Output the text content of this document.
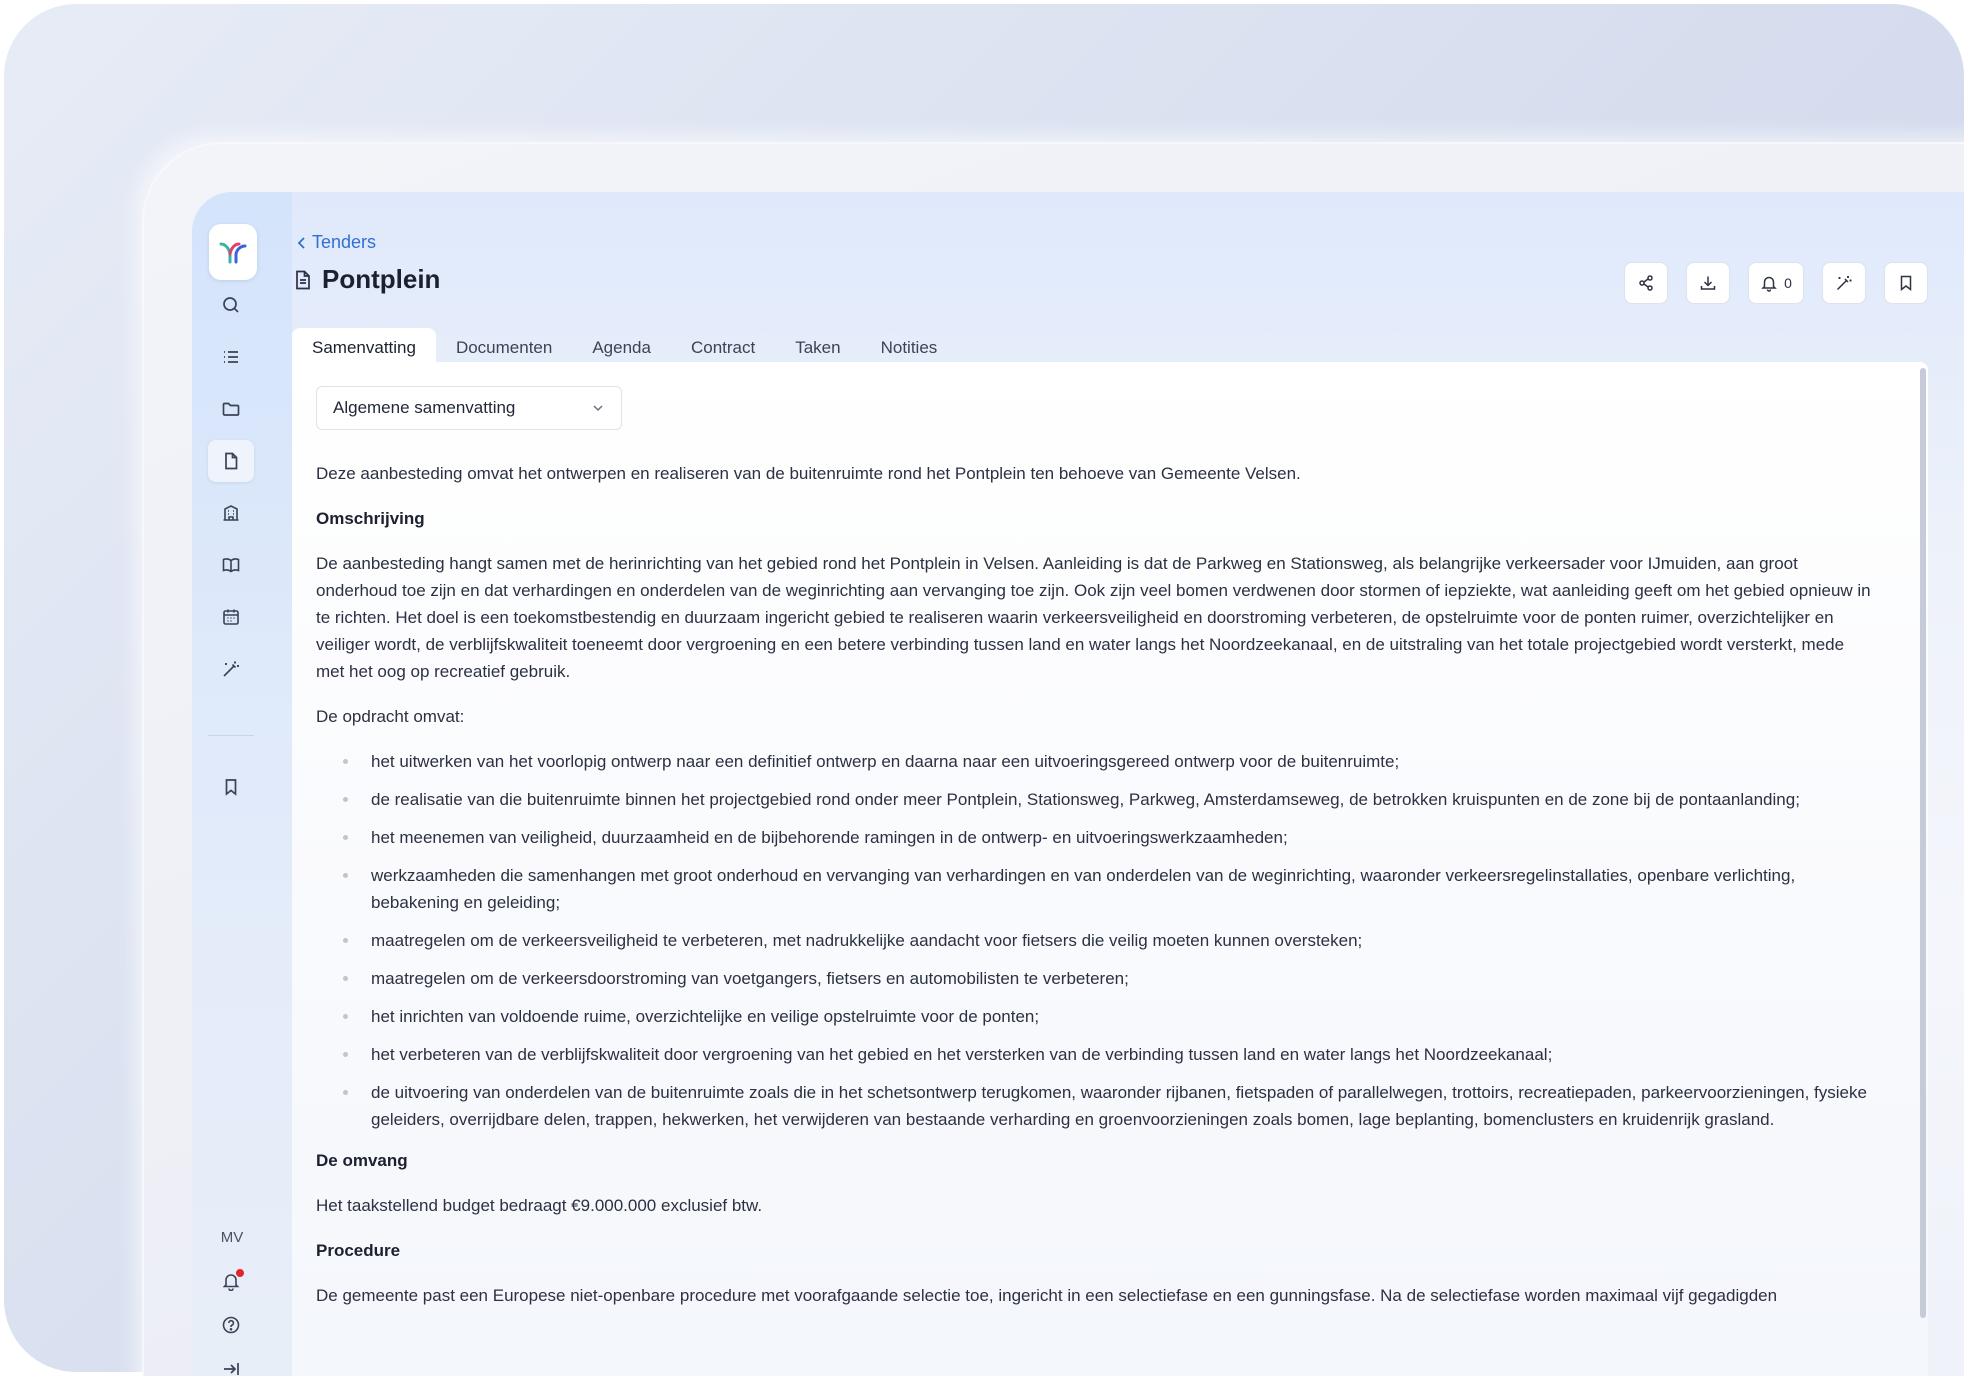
MV
Tenders
Pontplein	0
Samenvatting	Documenten	Agenda	Contract	Taken	Notities
Algemene samenvatting

Deze aanbesteding omvat het ontwerpen en realiseren van de buitenruimte rond het Pontplein ten behoeve van Gemeente Velsen.

Omschrijving

De aanbesteding hangt samen met de herinrichting van het gebied rond het Pontplein in Velsen. Aanleiding is dat de Parkweg en Stationsweg, als belangrijke verkeersader voor IJmuiden, aan groot onderhoud toe zijn en dat verhardingen en onderdelen van de weginrichting aan vervanging toe zijn. Ook zijn veel bomen verdwenen door stormen of iepziekte, wat aanleiding geeft om het gebied opnieuw in te richten. Het doel is een toekomstbestendig en duurzaam ingericht gebied te realiseren waarin verkeersveiligheid en doorstroming verbeteren, de opstelruimte voor de ponten ruimer, overzichtelijker en veiliger wordt, de verblijfskwaliteit toeneemt door vergroening en een betere verbinding tussen land en water langs het Noordzeekanaal, en de uitstraling van het totale projectgebied wordt versterkt, mede met het oog op recreatief gebruik.

De opdracht omvat:

het uitwerken van het voorlopig ontwerp naar een definitief ontwerp en daarna naar een uitvoeringsgereed ontwerp voor de buitenruimte;
de realisatie van die buitenruimte binnen het projectgebied rond onder meer Pontplein, Stationsweg, Parkweg, Amsterdamseweg, de betrokken kruispunten en de zone bij de pontaanlanding;
het meenemen van veiligheid, duurzaamheid en de bijbehorende ramingen in de ontwerp- en uitvoeringswerkzaamheden;
werkzaamheden die samenhangen met groot onderhoud en vervanging van verhardingen en van onderdelen van de weginrichting, waaronder verkeersregelinstallaties, openbare verlichting, bebakening en geleiding;
maatregelen om de verkeersveiligheid te verbeteren, met nadrukkelijke aandacht voor fietsers die veilig moeten kunnen oversteken;
maatregelen om de verkeersdoorstroming van voetgangers, fietsers en automobilisten te verbeteren;
het inrichten van voldoende ruime, overzichtelijke en veilige opstelruimte voor de ponten;
het verbeteren van de verblijfskwaliteit door vergroening van het gebied en het versterken van de verbinding tussen land en water langs het Noordzeekanaal;
de uitvoering van onderdelen van de buitenruimte zoals die in het schetsontwerp terugkomen, waaronder rijbanen, fietspaden of parallelwegen, trottoirs, recreatiepaden, parkeervoorzieningen, fysieke geleiders, overrijdbare delen, trappen, hekwerken, het verwijderen van bestaande verharding en groenvoorzieningen zoals bomen, lage beplanting, bomenclusters en kruidenrijk grasland.
De omvang

Het taakstellend budget bedraagt €9.000.000 exclusief btw.

Procedure

De gemeente past een Europese niet-openbare procedure met voorafgaande selectie toe, ingericht in een selectiefase en een gunningsfase. Na de selectiefase worden maximaal vijf gegadigden
